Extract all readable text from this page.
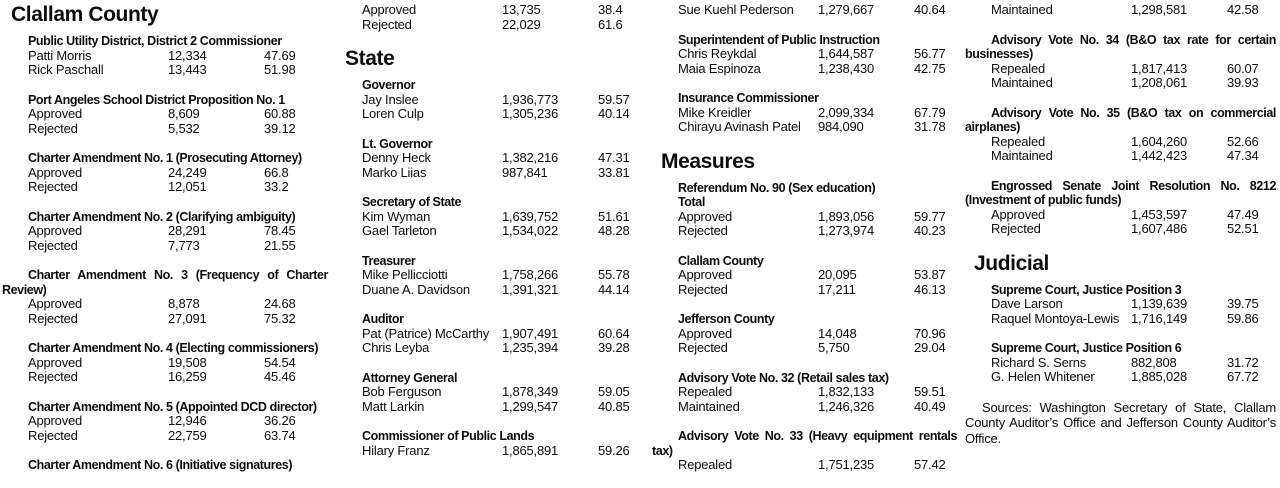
Clallam County
Public Utility District, District 2 Commissioner
Patti Morris	12,334	47.69
Rick Paschall	13,443	51.98
Port Angeles School District Proposition No. 1
Approved	8,609	60.88
Rejected	5,532	39.12
Charter Amendment No. 1 (Prosecuting Attorney)
Approved	24,249	66.8
Rejected	12,051	33.2
Charter Amendment No. 2 (Clarifying ambiguity)
Approved	28,291	78.45
Rejected	7,773	21.55
Charter Amendment No. 3 (Frequency of Charter Review)
Approved	8,878	24.68
Rejected	27,091	75.32
Charter Amendment No. 4 (Electing commissioners)
Approved	19,508	54.54
Rejected	16,259	45.46
Charter Amendment No. 5 (Appointed DCD director)
Approved	12,946	36.26
Rejected	22,759	63.74
Charter Amendment No. 6 (Initiative signatures)
Approved	13,735	38.4
Rejected	22,029	61.6
State
Governor
Jay Inslee	1,936,773	59.57
Loren Culp	1,305,236	40.14
Lt. Governor
Denny Heck	1,382,216	47.31
Marko Liias	987,841	33.81
Secretary of State
Kim Wyman	1,639,752	51.61
Gael Tarleton	1,534,022	48.28
Treasurer
Mike Pellicciotti	1,758,266	55.78
Duane A. Davidson	1,391,321	44.14
Auditor
Pat (Patrice) McCarthy 1,907,491	60.64
Chris Leyba	1,235,394	39.28
Attorney General
Bob Ferguson	1,878,349	59.05
Matt Larkin	1,299,547	40.85
Commissioner of Public Lands
Hilary Franz	1,865,891	59.26
Sue Kuehl Pederson	1,279,667	40.64
Superintendent of Public Instruction
Chris Reykdal	1,644,587	56.77
Maia Espinoza	1,238,430	42.75
Insurance Commissioner
Mike Kreidler	2,099,334	67.79
Chirayu Avinash Patel	984,090	31.78
Measures
Referendum No. 90 (Sex education)
Total
Approved	1,893,056	59.77
Rejected	1,273,974	40.23
Clallam County
Approved	20,095	53.87
Rejected	17,211	46.13
Jefferson County
Approved	14,048	70.96
Rejected	5,750	29.04
Advisory Vote No. 32 (Retail sales tax)
Repealed	1,832,133	59.51
Maintained	1,246,326	40.49
Advisory Vote No. 33 (Heavy equipment rentals tax)
Repealed	1,751,235	57.42
Maintained	1,298,581	42.58
Advisory Vote No. 34 (B&O tax rate for certain businesses)
Repealed	1,817,413	60.07
Maintained	1,208,061	39.93
Advisory Vote No. 35 (B&O tax on commercial airplanes)
Repealed	1,604,260	52.66
Maintained	1,442,423	47.34
Engrossed Senate Joint Resolution No. 8212 (Investment of public funds)
Approved	1,453,597	47.49
Rejected	1,607,486	52.51
Judicial
Supreme Court, Justice Position 3
Dave Larson	1,139,639	39.75
Raquel Montoya-Lewis 1,716,149	59.86
Supreme Court, Justice Position 6
Richard S. Serns	882,808	31.72
G. Helen Whitener	1,885,028	67.72
Sources: Washington Secretary of State, Clallam County Auditor’s Office and Jefferson County Auditor’s Office.
